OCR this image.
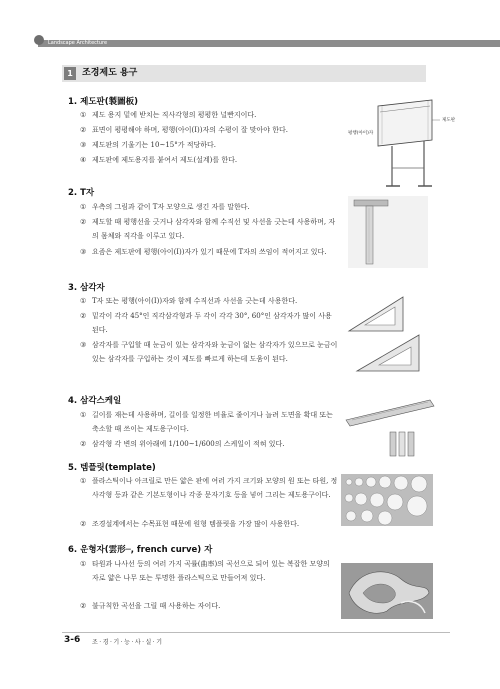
Landscape Architecture
1	조경제도 용구
1. 제도판(製圖板)
① 제도 용지 밑에 받치는 직사각형의 평평한 널빤지이다.
② 표면이 평평해야 하며, 평행(아이(I))자의 수평이 잘 맞아야 한다.
③ 제도판의 기울기는 10~15°가 적당하다.
④ 제도판에 제도용지를 붙여서 제도(설계)를 한다.
2. T자
① 우측의 그림과 같이 T자 모양으로 생긴 자를 말한다.
② 제도할 때 평행선을 긋거나 삼각자와 함께 수직선 및 사선을 긋는데 사용하며, 자의 몸체와 직각을 이루고 있다.
③ 요즘은 제도판에 평행(아이(I))자가 있기 때문에 T자의 쓰임이 적어지고 있다.
3. 삼각자
① T자 또는 평행(아이(I))자와 함께 수직선과 사선을 긋는데 사용한다.
② 밑각이 각각 45°인 직각삼각형과 두 각이 각각 30°, 60°인 삼각자가 많이 사용된다.
③ 삼각자를 구입할 때 눈금이 있는 삼각자와 눈금이 없는 삼각자가 있으므로 눈금이 있는 삼각자를 구입하는 것이 제도를 빠르게 하는데 도움이 된다.
4. 삼각스케일
① 길이를 재는데 사용하며, 길이를 일정한 비율로 줄이거나 늘려 도면을 확대 또는 축소할 때 쓰이는 제도용구이다.
② 삼각형 각 변의 위아래에 1/100~1/600의 스케일이 적혀 있다.
5. 템플릿(template)
① 플라스틱이나 아크릴로 만든 얇은 판에 여러 가지 크기와 모양의 원 또는 타원, 정사각형 등과 같은 기본도형이나 각종 문자기호 등을 넣어 그리는 제도용구이다.
② 조경설계에서는 수목표현 때문에 원형 템플릿을 가장 많이 사용한다.
6. 운형자(雲形─, french curve) 자
① 타원과 나사선 등의 여러 가지 곡률(曲率)의 곡선으로 되어 있는 복잡한 모양의 자로 얇은 나무 또는 투명한 플라스틱으로 만들어져 있다.
② 불규칙한 곡선을 그릴 때 사용하는 자이다.
평행(아이)자
제도판
3-6 조·경·기·능·사·실·기
